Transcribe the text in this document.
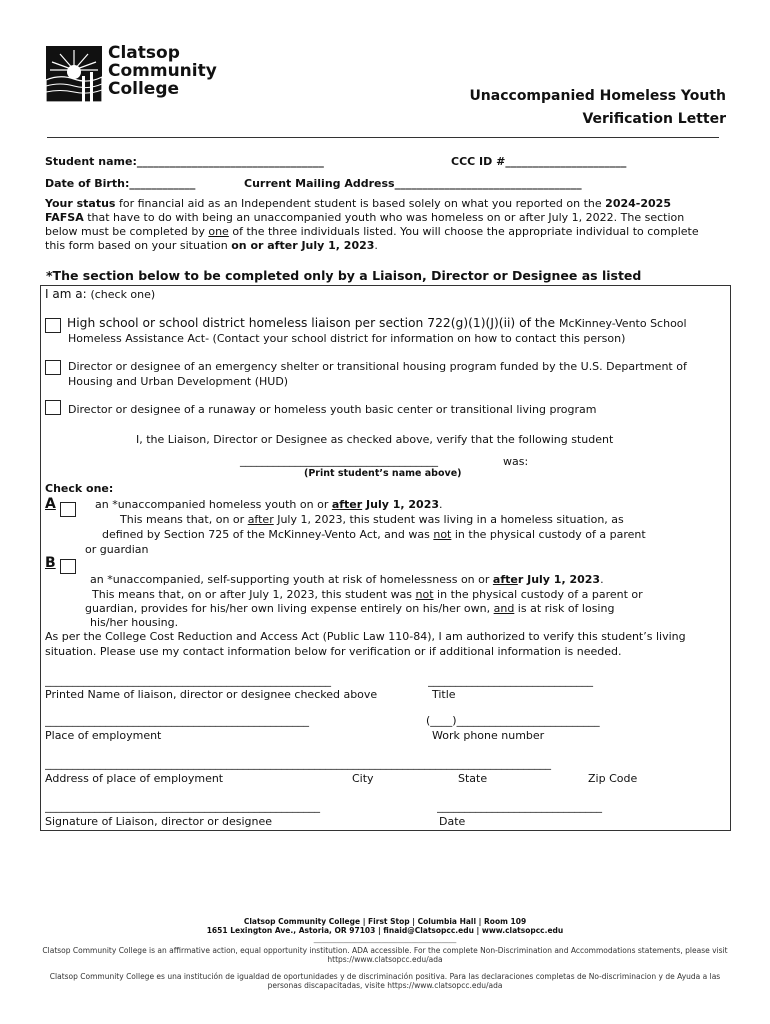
Clatsop
Community
College	Unaccompanied Homeless Youth
Verification Letter
Student name:__________________________________	CCC ID #______________________
Date of Birth:____________	Current Mailing Address__________________________________
Your status for financial aid as an Independent student is based solely on what you reported on the 2024-2025
FAFSA that have to do with being an unaccompanied youth who was homeless on or after July 1, 2022. The section
below must be completed by one of the three individuals listed. You will choose the appropriate individual to complete
this form based on your situation on or after July 1, 2023.
*The section below to be completed only by a Liaison, Director or Designee as listed
I am a: (check one)
High school or school district homeless liaison per section 722(g)(1)(J)(ii) of the McKinney-Vento School
Homeless Assistance Act- (Contact your school district for information on how to contact this person)
Director or designee of an emergency shelter or transitional housing program funded by the U.S. Department of
Housing and Urban Development (HUD)
Director or designee of a runaway or homeless youth basic center or transitional living program
I, the Liaison, Director or Designee as checked above, verify that the following student
____________________________________	was:
(Print student’s name above)
Check one:
A	an *unaccompanied homeless youth on or after July 1, 2023.
This means that, on or after July 1, 2023, this student was living in a homeless situation, as
defined by Section 725 of the McKinney-Vento Act, and was not in the physical custody of a parent
or guardian
B
an *unaccompanied, self-supporting youth at risk of homelessness on or after July 1, 2023.
This means that, on or after July 1, 2023, this student was not in the physical custody of a parent or
guardian, provides for his/her own living expense entirely on his/her own, and is at risk of losing
his/her housing.
As per the College Cost Reduction and Access Act (Public Law 110-84), I am authorized to verify this student’s living
situation. Please use my contact information below for verification or if additional information is needed.
____________________________________________________
Printed Name of liaison, director or designee checked above
______________________________
Title
________________________________________________
Place of employment
(____)__________________________
Work phone number
____________________________________________________________________________________________
Address of place of employment	City	State	Zip Code
__________________________________________________
Signature of Liaison, director or designee
______________________________
Date
Clatsop Community College | First Stop | Columbia Hall | Room 109
1651 Lexington Ave., Astoria, OR 97103 | finaid@Clatsopcc.edu | www.clatsopcc.edu
______________________________________
Clatsop Community College is an affirmative action, equal opportunity institution. ADA accessible. For the complete Non-Discrimination and Accommodations statements, please visit
https://www.clatsopcc.edu/ada
Clatsop Community College es una institución de igualdad de oportunidades y de discriminación positiva. Para las declaraciones completas de No-discriminacion y de Ayuda a las
personas discapacitadas, visite https://www.clatsopcc.edu/ada
